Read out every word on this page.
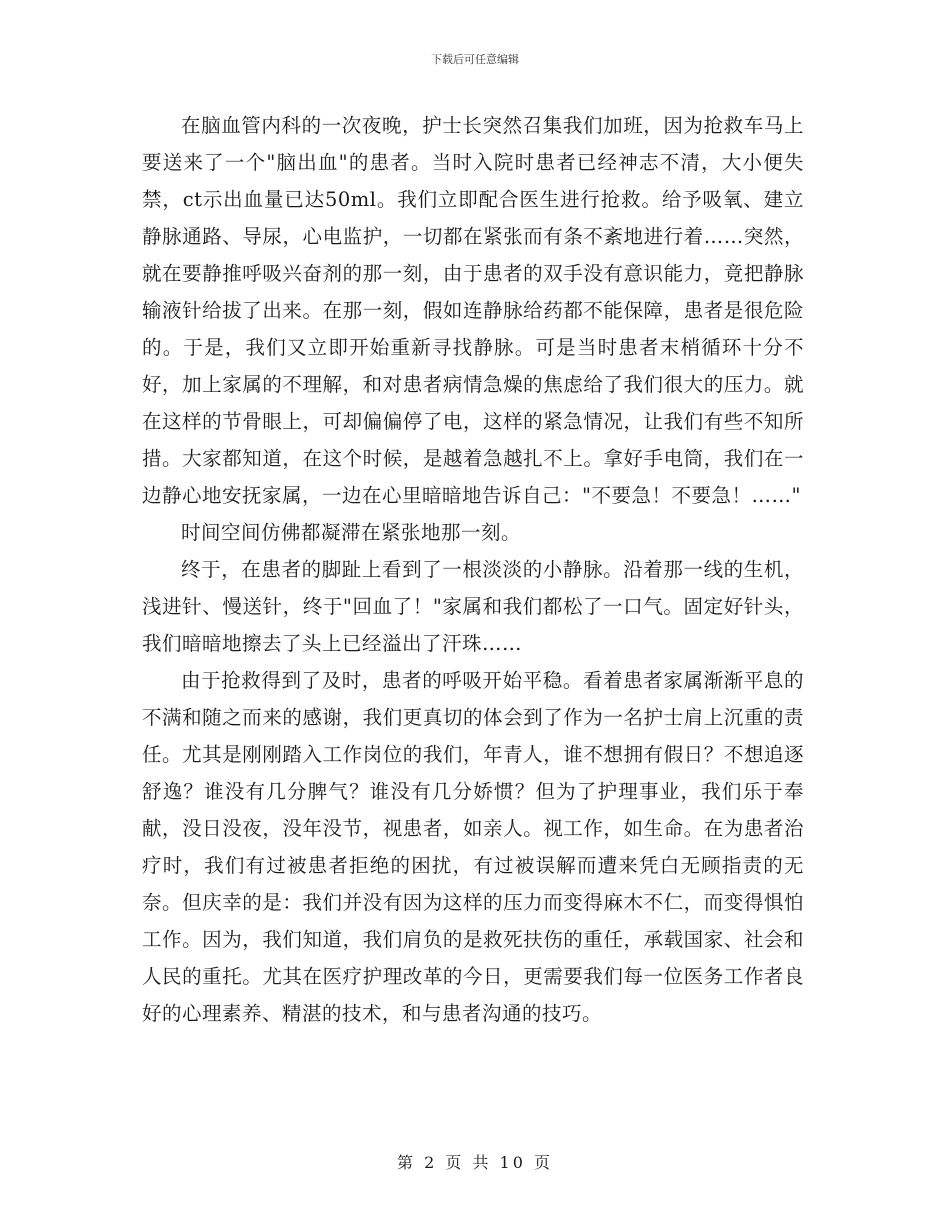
下载后可任意编辑

在脑血管内科的一次夜晚，护士长突然召集我们加班，因为抢救车马上要送来了一个"脑出血"的患者。当时入院时患者已经神志不清，大小便失禁，ct示出血量已达50ml。我们立即配合医生进行抢救。给予吸氧、建立静脉通路、导尿，心电监护，一切都在紧张而有条不紊地进行着……突然，就在要静推呼吸兴奋剂的那一刻，由于患者的双手没有意识能力，竟把静脉输液针给拔了出来。在那一刻，假如连静脉给药都不能保障，患者是很危险的。于是，我们又立即开始重新寻找静脉。可是当时患者末梢循环十分不好，加上家属的不理解，和对患者病情急燥的焦虑给了我们很大的压力。就在这样的节骨眼上，可却偏偏停了电，这样的紧急情况，让我们有些不知所措。大家都知道，在这个时候，是越着急越扎不上。拿好手电筒，我们在一边静心地安抚家属，一边在心里暗暗地告诉自己："不要急！不要急！……"

时间空间仿佛都凝滞在紧张地那一刻。

终于，在患者的脚趾上看到了一根淡淡的小静脉。沿着那一线的生机，浅进针、慢送针，终于"回血了！"家属和我们都松了一口气。固定好针头，我们暗暗地擦去了头上已经溢出了汗珠……

由于抢救得到了及时，患者的呼吸开始平稳。看着患者家属渐渐平息的不满和随之而来的感谢，我们更真切的体会到了作为一名护士肩上沉重的责任。尤其是刚刚踏入工作岗位的我们，年青人，谁不想拥有假日？不想追逐舒逸？谁没有几分脾气？谁没有几分娇惯？但为了护理事业，我们乐于奉献，没日没夜，没年没节，视患者，如亲人。视工作，如生命。在为患者治疗时，我们有过被患者拒绝的困扰，有过被误解而遭来凭白无顾指责的无奈。但庆幸的是：我们并没有因为这样的压力而变得麻木不仁，而变得惧怕工作。因为，我们知道，我们肩负的是救死扶伤的重任，承载国家、社会和人民的重托。尤其在医疗护理改革的今日，更需要我们每一位医务工作者良好的心理素养、精湛的技术，和与患者沟通的技巧。

第 2 页 共 10 页
